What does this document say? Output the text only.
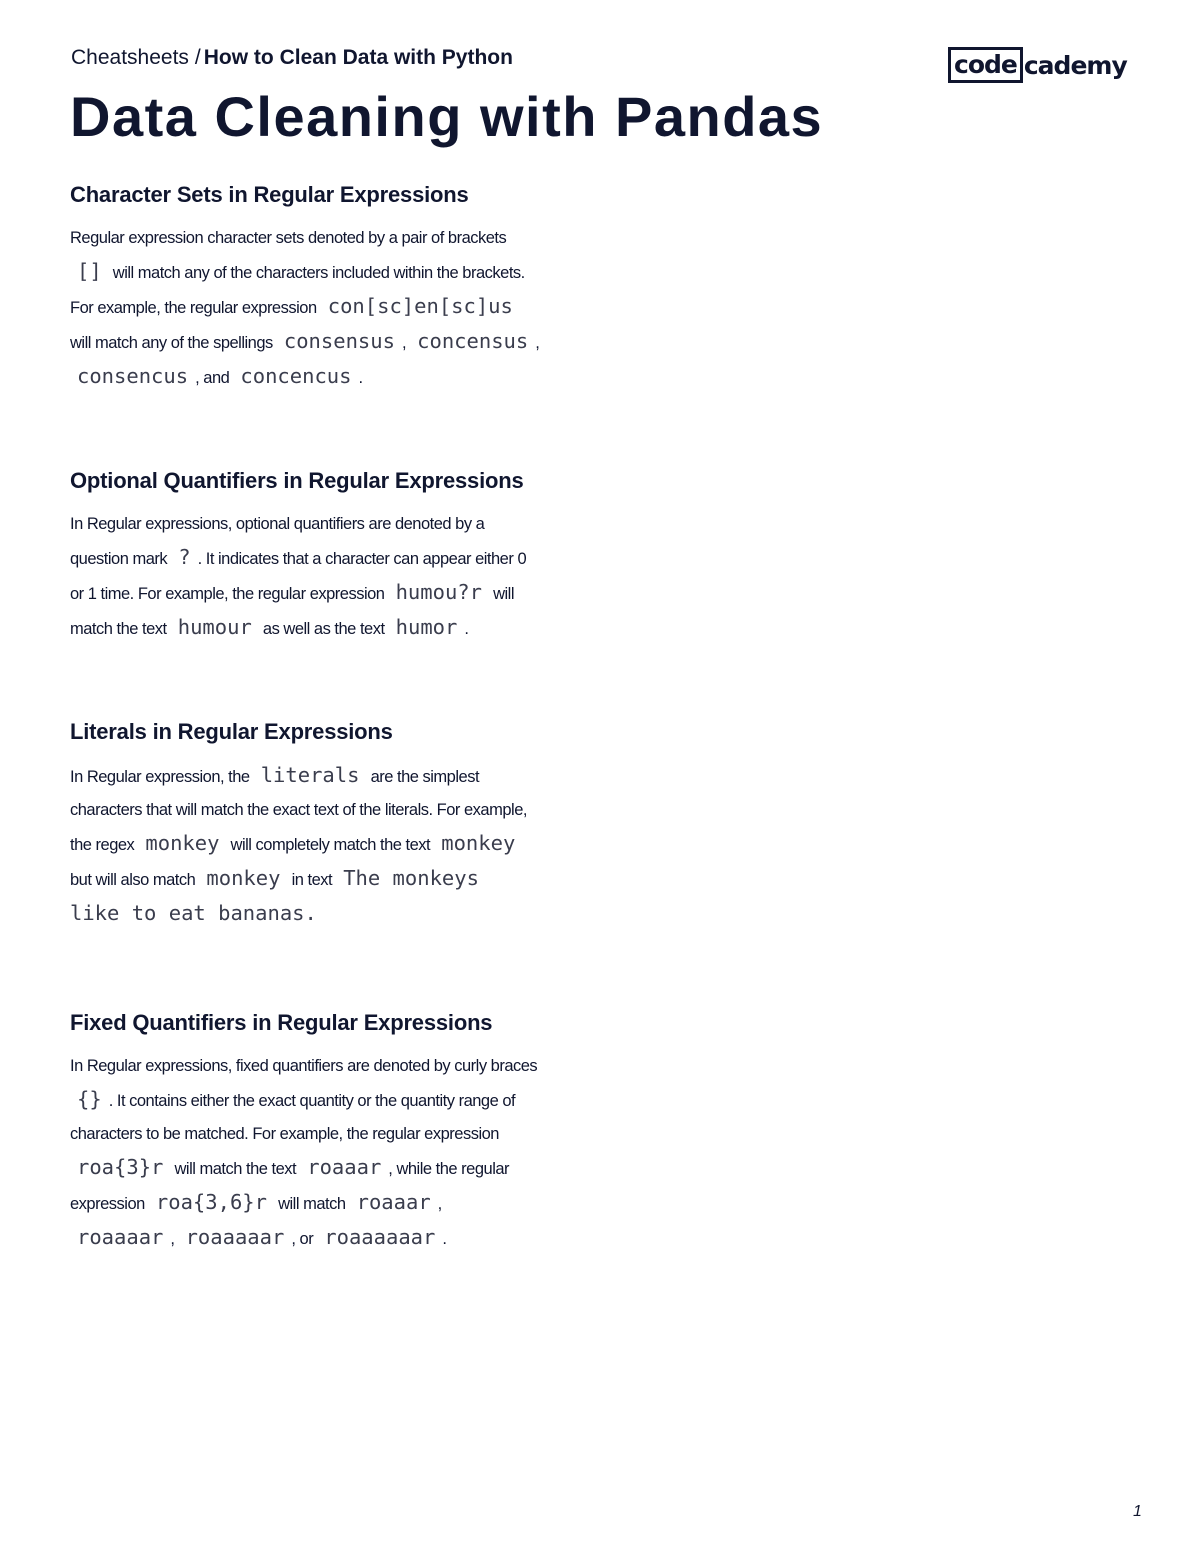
Cheatsheets / How to Clean Data with Python	code cademy
Data Cleaning with Pandas
Character Sets in Regular Expressions
Regular expression character sets denoted by a pair of brackets [] will match any of the characters included within the brackets. For example, the regular expression con[sc]en[sc]us will match any of the spellings consensus , concensus , consencus , and concencus .
Optional Quantifiers in Regular Expressions
In Regular expressions, optional quantifiers are denoted by a question mark ? . It indicates that a character can appear either 0 or 1 time. For example, the regular expression humou?r will match the text humour as well as the text humor .
Literals in Regular Expressions
In Regular expression, the literals are the simplest characters that will match the exact text of the literals. For example, the regex monkey will completely match the text monkey but will also match monkey in text The monkeys like to eat bananas.
Fixed Quantifiers in Regular Expressions
In Regular expressions, fixed quantifiers are denoted by curly braces {} . It contains either the exact quantity or the quantity range of characters to be matched. For example, the regular expression roa{3}r will match the text roaaar , while the regular expression roa{3,6}r will match roaaar , roaaaar , roaaaaar , or roaaaaaar .
1
